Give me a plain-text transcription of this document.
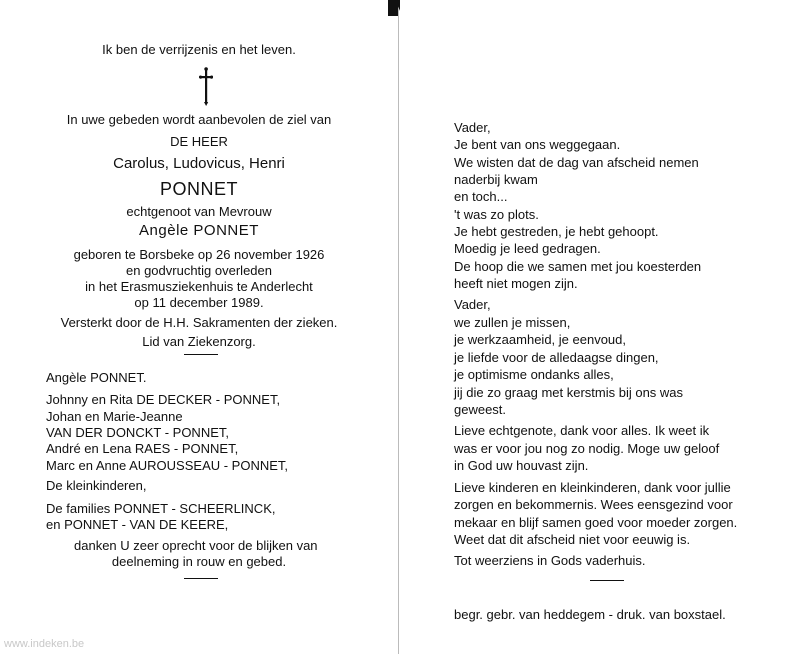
Ik ben de verrijzenis en het leven.
In uwe gebeden wordt aanbevolen de ziel van
DE HEER
Carolus, Ludovicus, Henri
PONNET
echtgenoot van Mevrouw
Angèle PONNET
geboren te Borsbeke op 26 november 1926
en godvruchtig overleden
in het Erasmusziekenhuis te Anderlecht
op 11 december 1989.
Versterkt door de H.H. Sakramenten der zieken.
Lid van Ziekenzorg.
Angèle PONNET.
Johnny en Rita DE DECKER - PONNET,
Johan en Marie-Jeanne
VAN DER DONCKT - PONNET,
André en Lena RAES - PONNET,
Marc en Anne AUROUSSEAU - PONNET,
De kleinkinderen,
De families PONNET - SCHEERLINCK,
en PONNET - VAN DE KEERE,
danken U zeer oprecht voor de blijken van
deelneming in rouw en gebed.
Vader,
Je bent van ons weggegaan.
We wisten dat de dag van afscheid nemen
naderbij kwam
en toch...
't was zo plots.
Je hebt gestreden, je hebt gehoopt.
Moedig je leed gedragen.
De hoop die we samen met jou koesterden
heeft niet mogen zijn.
Vader,
we zullen je missen,
je werkzaamheid, je eenvoud,
je liefde voor de alledaagse dingen,
je optimisme ondanks alles,
jij die zo graag met kerstmis bij ons was
geweest.
Lieve echtgenote, dank voor alles. Ik weet ik
was er voor jou nog zo nodig. Moge uw geloof
in God uw houvast zijn.
Lieve kinderen en kleinkinderen, dank voor jullie
zorgen en bekommernis. Wees eensgezind voor
mekaar en blijf samen goed voor moeder zorgen.
Weet dat dit afscheid niet voor eeuwig is.
Tot weerziens in Gods vaderhuis.
begr. gebr. van heddegem - druk. van boxstael.
www.indeken.be
